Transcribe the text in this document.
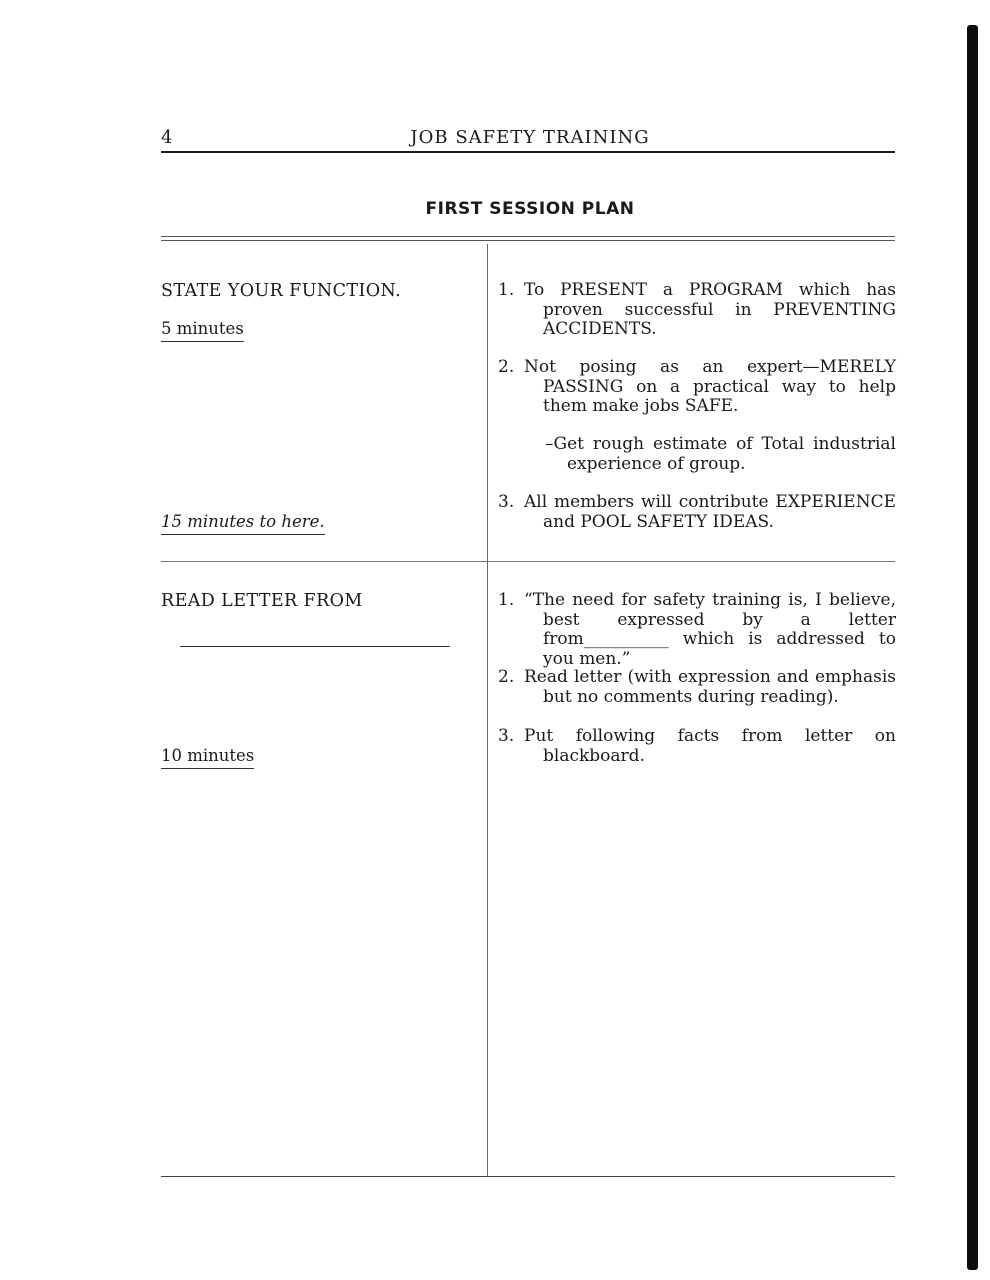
4	JOB SAFETY TRAINING
FIRST SESSION PLAN
STATE YOUR FUNCTION.
5 minutes
15 minutes to here.
1. To PRESENT a PROGRAM which has proven successful in PREVENTING ACCIDENTS.
2. Not posing as an expert—MERELY PASSING on a practical way to help them make jobs SAFE.
–Get rough estimate of Total industrial experience of group.
3. All members will contribute EXPERIENCE and POOL SAFETY IDEAS.
READ LETTER FROM
10 minutes
1. “The need for safety training is, I believe, best expressed by a letter from__________ which is addressed to you men.”
2. Read letter (with expression and emphasis but no comments during reading).
3. Put following facts from letter on blackboard.
